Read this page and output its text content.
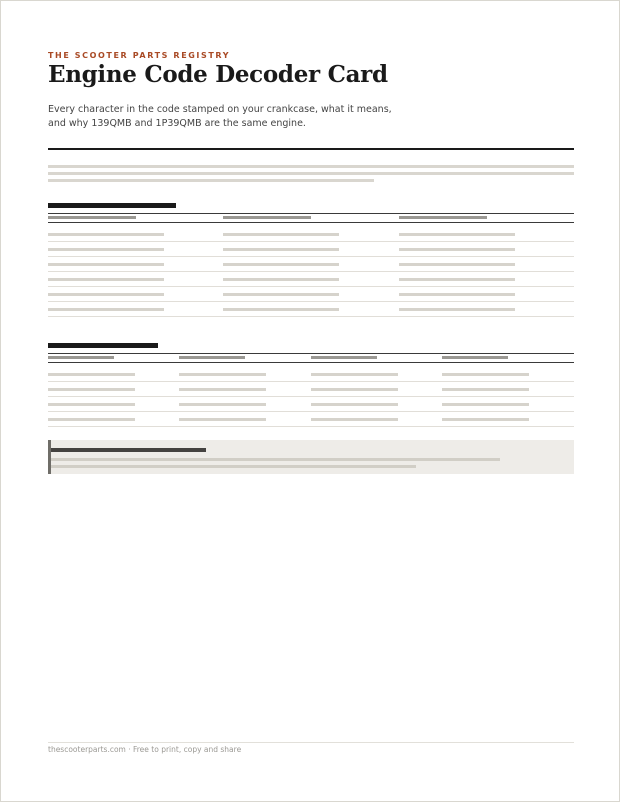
THE SCOOTER PARTS REGISTRY
Engine Code Decoder Card
Every character in the code stamped on your crankcase, what it means, and why 139QMB and 1P39QMB are the same engine.
thescooterparts.com · Free to print, copy and share
